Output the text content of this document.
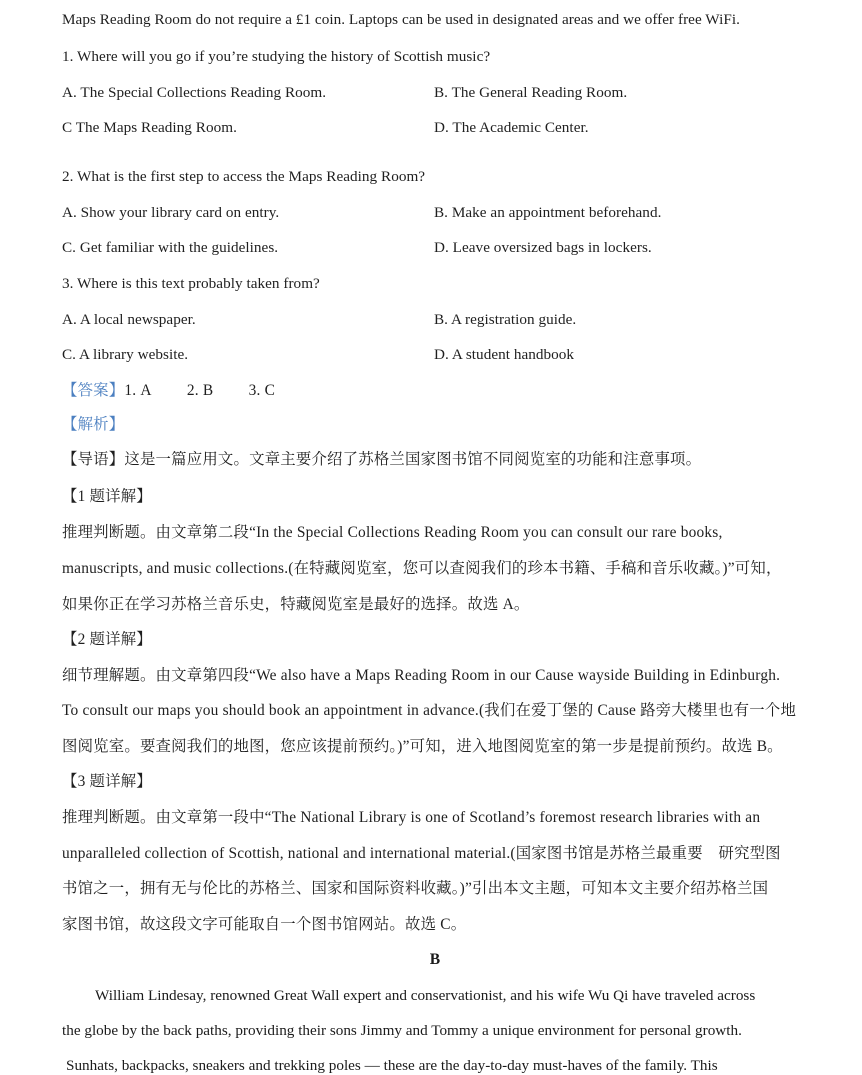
Maps Reading Room do not require a £1 coin. Laptops can be used in designated areas and we offer free WiFi.
1. Where will you go if you’re studying the history of Scottish music?
A. The Special Collections Reading Room.	B. The General Reading Room.
C The Maps Reading Room.	D. The Academic Center.
2. What is the first step to access the Maps Reading Room?
A. Show your library card on entry.	B. Make an appointment beforehand.
C. Get familiar with the guidelines.	D. Leave oversized bags in lockers.
3. Where is this text probably taken from?
A. A local newspaper.	B. A registration guide.
C. A library website.	D. A student handbook
【答案】1. A   2. B   3. C
【解析】
【导语】这是一篇应用文。文章主要介绍了苏格兰国家图书馆不同阅览室的功能和注意事项。
【1 题详解】
推理判断题。由文章第二段“In the Special Collections Reading Room you can consult our rare books,
manuscripts, and music collections.(在特藏阅览室，您可以查阅我们的珍本书籍、手稿和音乐收藏。)”可知，
如果你正在学习苏格兰音乐史，特藏阅览室是最好的选择。故选 A。
【2 题详解】
细节理解题。由文章第四段“We also have a Maps Reading Room in our Cause wayside Building in Edinburgh.
To consult our maps you should book an appointment in advance.(我们在爱丁堡的 Cause 路旁大楼里也有一个地
图阅览室。要查阅我们的地图，您应该提前预约。)”可知，进入地图阅览室的第一步是提前预约。故选 B。
【3 题详解】
推理判断题。由文章第一段中“The National Library is one of Scotland’s foremost research libraries with an
unparalleled collection of Scottish, national and international material.(国家图书馆是苏格兰最重要 研究型图
书馆之一，拥有无与伦比的苏格兰、国家和国际资料收藏。)”引出本文主题，可知本文主要介绍苏格兰国
家图书馆，故这段文字可能取自一个图书馆网站。故选 C。
B
William Lindesay, renowned Great Wall expert and conservationist, and his wife Wu Qi have traveled across
the globe by the back paths, providing their sons Jimmy and Tommy a unique environment for personal growth.
Sunhats, backpacks, sneakers and trekking poles — these are the day-to-day must-haves of the family. This
